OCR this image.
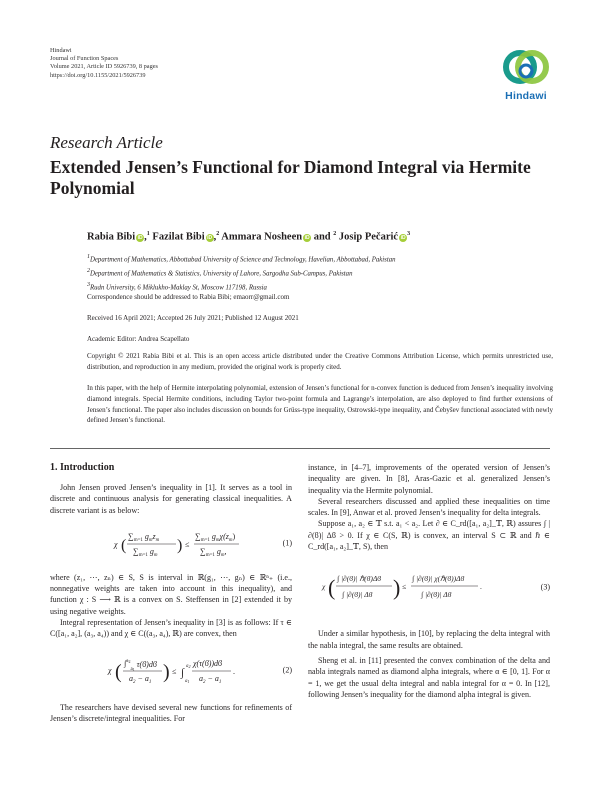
Hindawi
Journal of Function Spaces
Volume 2021, Article ID 5926739, 8 pages
https://doi.org/10.1155/2021/5926739
Hindawi
Research Article
Extended Jensen’s Functional for Diamond Integral via Hermite Polynomial
Rabia Bibi iD ,$^1$ Fazilat Bibi iD ,$^2$ Ammara Nosheen iD and $^2$ Josip Pečarić $iD^3$
$^1$Department of Mathematics, Abbottabad University of Science and Technology, Havelian, Abbottabad, Pakistan
$^2$Department of Mathematics & Statistics, University of Lahore, Sargodha Sub-Campus, Pakistan
$^3$Rudn University, 6 Miklukho-Maklay St, Moscow 117198, Russia
Correspondence should be addressed to Rabia Bibi; emaorr@gmail.com
Received 16 April 2021; Accepted 26 July 2021; Published 12 August 2021
Academic Editor: Andrea Scapellato
Copyright © 2021 Rabia Bibi et al. This is an open access article distributed under the Creative Commons Attribution License, which permits unrestricted use, distribution, and reproduction in any medium, provided the original work is properly cited.
In this paper, with the help of Hermite interpolating polynomial, extension of Jensen’s functional for n-convex function is deduced from Jensen’s inequality involving diamond integrals. Special Hermite conditions, including Taylor two-point formula and Lagrange’s interpolation, are also deployed to find further extensions of Jensen’s functional. The paper also includes discussion on bounds for Grüss-type inequality, Ostrowski-type inequality, and Čebyšev functional associated with newly defined Jensen’s functional.
1. Introduction

John Jensen proved Jensen’s inequality in [1]. It serves as a tool in discrete and continuous analysis for generating classical inequalities. A discrete variant is as below:

χ (
$\sum_{m=1}$ $g_mz_m$
$\sum_{m=1}$ $g_m$
) ≤
$\sum_{m=1}$ $g_m\chi(z_m)$
$\sum_{m=1}$ $g_m$,
(1)

where (z₁, ⋯, zₙ) ∈ S, S is interval in ℝ(g₁, ⋯, gₙ) ∈ ℝⁿ₊ (i.e., nonnegative weights are taken into account in this inequality), and function χ : S ⟶ ℝ is a convex on S. Steffensen in [2] extended it by using negative weights.

Integral representation of Jensen’s inequality in [3] is as follows: If τ ∈ C([a₁, a₂], (a₃, a₄)) and χ ∈ C((a₃, a₄), ℝ) are convex, then

χ ( $\int^a2_a1$ τ(ϐ)dϐ
$a_2 - a_1$ ) ≤ ∫
$a_2$
$a_1$
χ(τ(ϐ))dϐ
$a_2 - a_1$
.	(2)

The researchers have devised several new functions for refinements of Jensen’s discrete/integral inequalities. For

instance, in [4–7], improvements of the operated version of Jensen’s inequality are given. In [8], Aras-Gazic et al. generalized Jensen’s inequality via the Hermite polynomial.

Several researchers discussed and applied these inequalities on time scales. In [9], Anwar et al. proved Jensen’s inequality for delta integrals.

Suppose a₁, a₂ ∈ 𝕋 s.t. a₁ < a₂. Let ∂ ∈ C_rd([a₁, a₂]_𝕋, ℝ) assures ∫ |∂(ϐ)| Δϐ > 0. If χ ∈ C(S, ℝ) is convex, an interval S ⊂ ℝ and ℏ ∈ C_rd([a₁, a₂]_𝕋, S), then

χ ( ∫ |∂(ϐ)| ℏ(ϐ)Δϐ
∫ |∂(ϐ)| Δϐ ) ≤
∫ |∂(ϐ)| χ(ℏ(ϐ))Δϐ
∫ |∂(ϐ)| Δϐ
.	(3)

Under a similar hypothesis, in [10], by replacing the delta integral with the nabla integral, the same results are obtained.

Sheng et al. in [11] presented the convex combination of the delta and nabla integrals named as diamond alpha integrals, where α ∈ [0, 1]. For α = 1, we get the usual delta integral and nabla integral for α = 0. In [12], following Jensen’s inequality for the diamond alpha integral is given.
